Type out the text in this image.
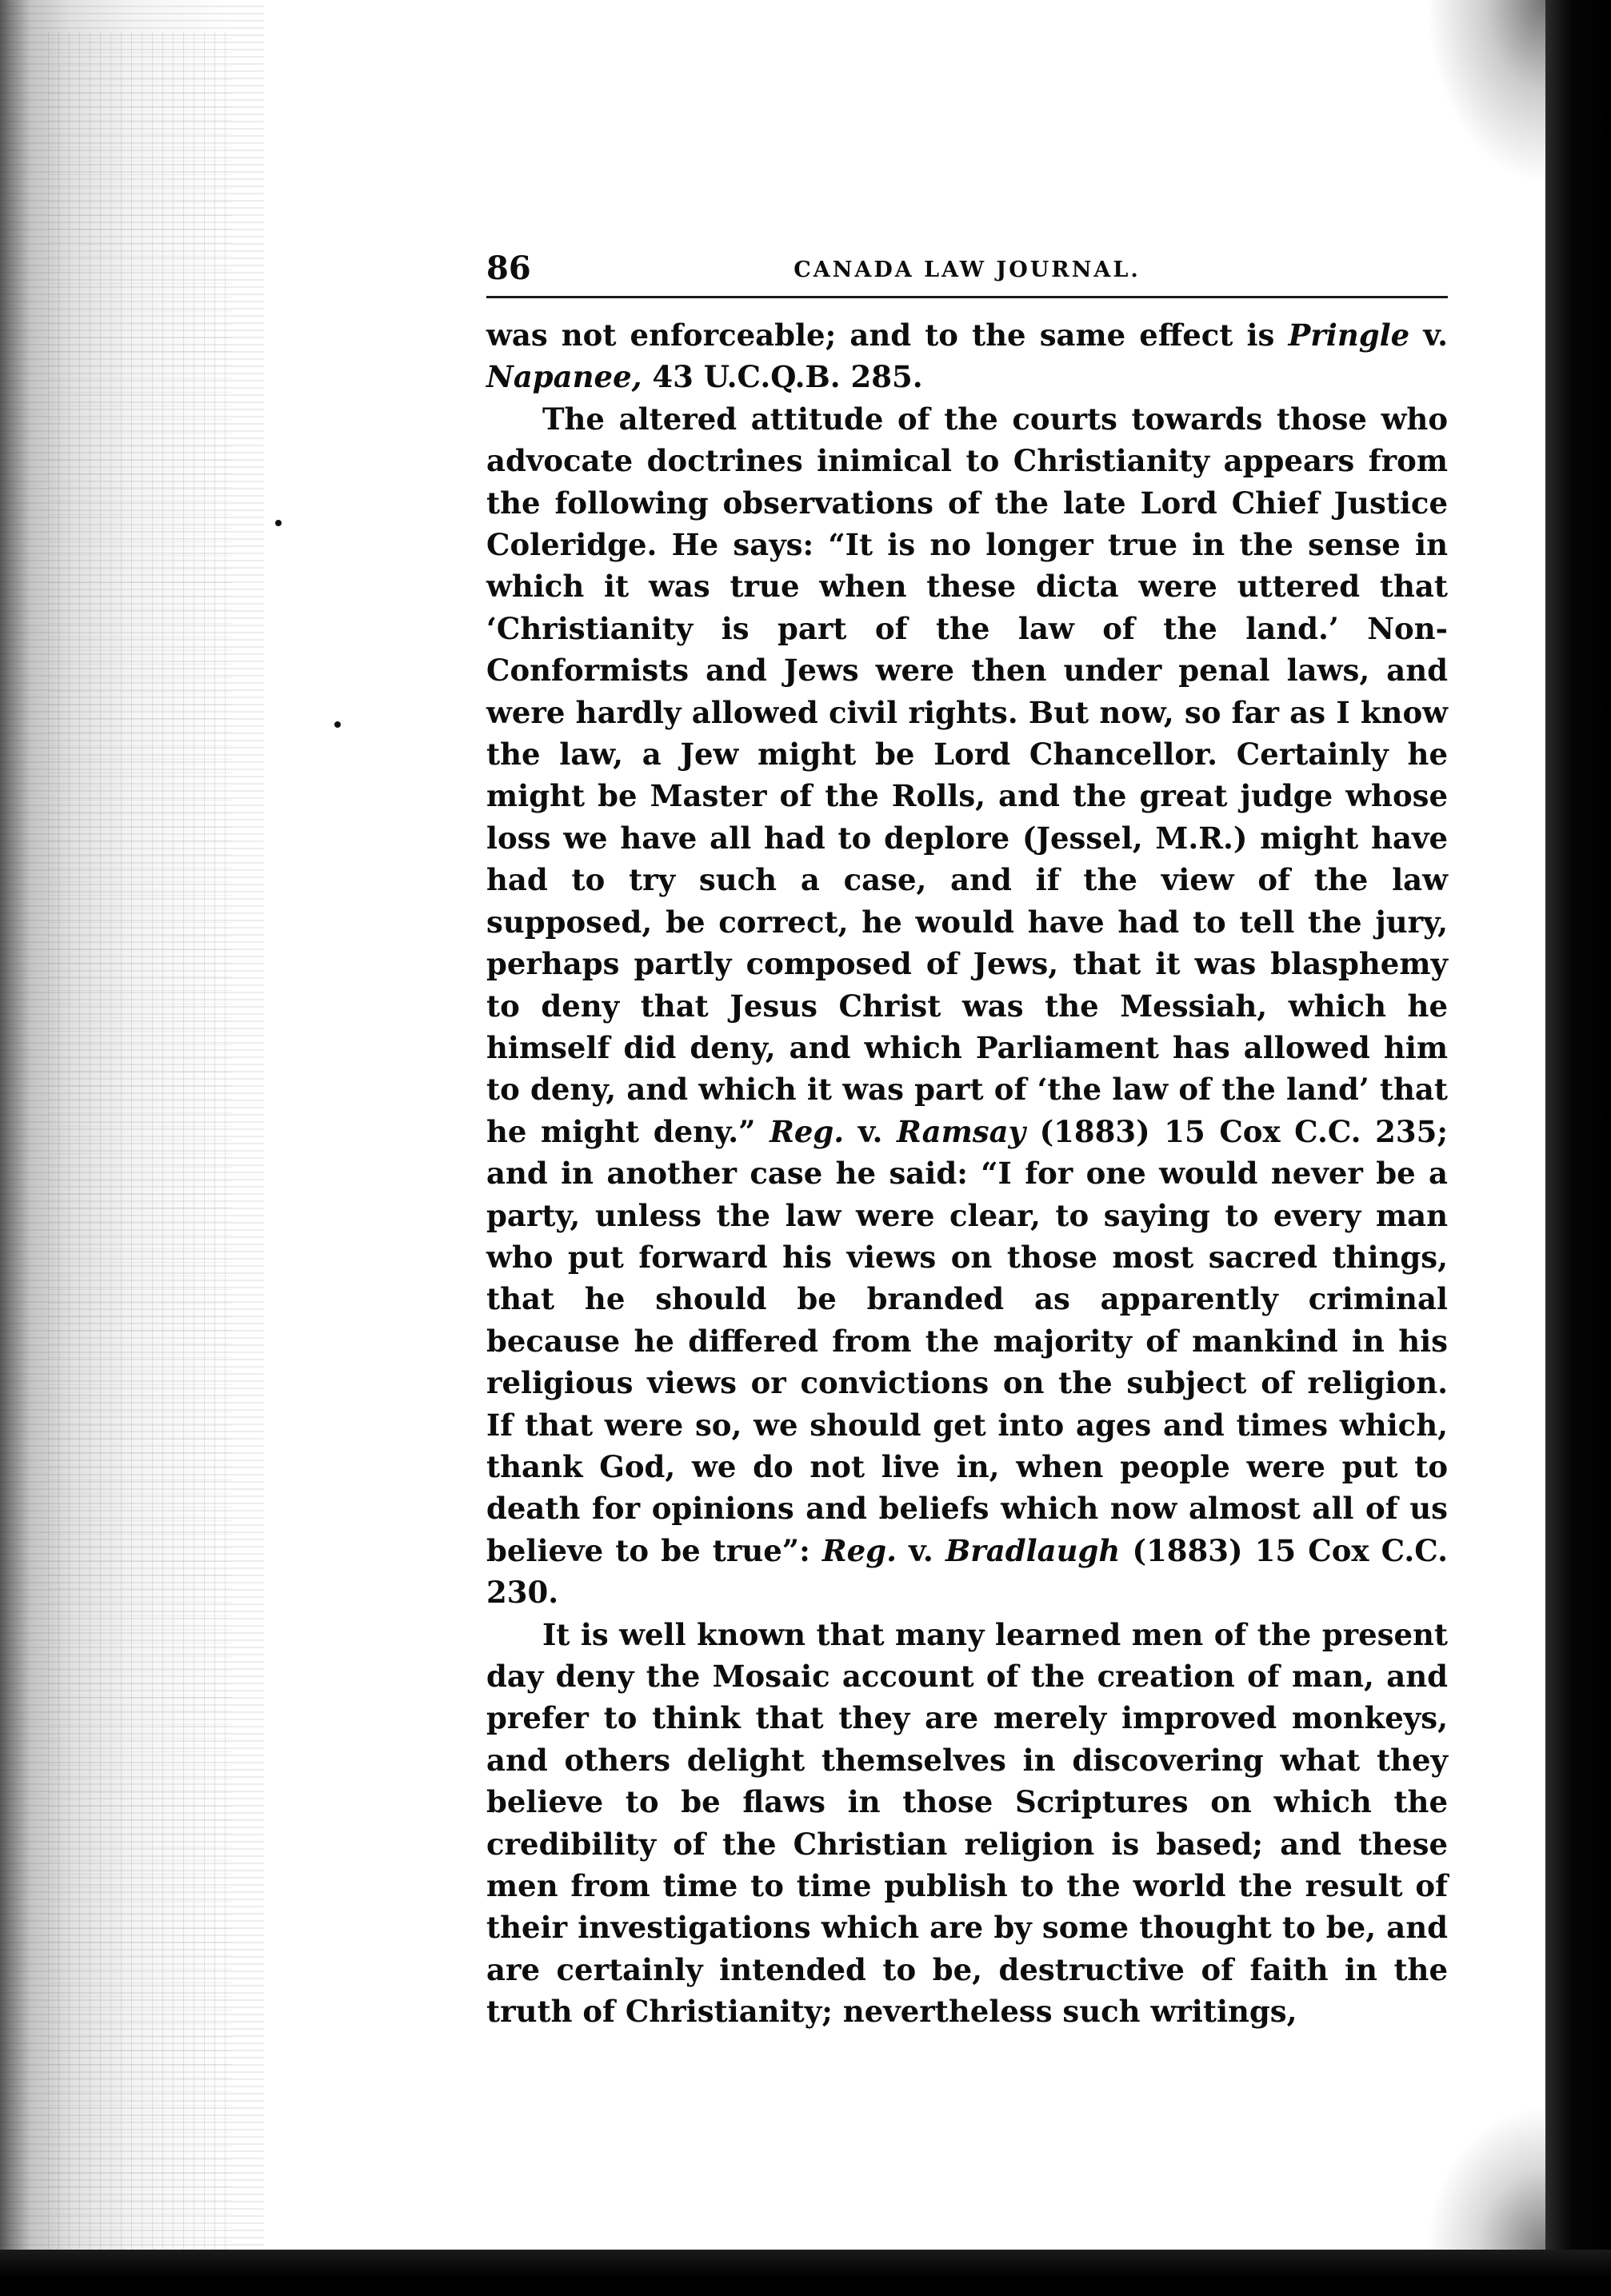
86	CANADA LAW JOURNAL.

was not enforceable; and to the same effect is Pringle v. Napanee, 43 U.C.Q.B. 285.

The altered attitude of the courts towards those who advocate doctrines inimical to Christianity appears from the following observations of the late Lord Chief Justice Coleridge. He says: “It is no longer true in the sense in which it was true when these dicta were uttered that ‘Christianity is part of the law of the land.’ Non-Conformists and Jews were then under penal laws, and were hardly allowed civil rights. But now, so far as I know the law, a Jew might be Lord Chancellor. Certainly he might be Master of the Rolls, and the great judge whose loss we have all had to deplore (Jessel, M.R.) might have had to try such a case, and if the view of the law supposed, be correct, he would have had to tell the jury, perhaps partly composed of Jews, that it was blasphemy to deny that Jesus Christ was the Messiah, which he himself did deny, and which Parliament has allowed him to deny, and which it was part of ‘the law of the land’ that he might deny.” Reg. v. Ramsay (1883) 15 Cox C.C. 235; and in another case he said: “I for one would never be a party, unless the law were clear, to saying to every man who put forward his views on those most sacred things, that he should be branded as apparently criminal because he differed from the majority of mankind in his religious views or convictions on the subject of religion. If that were so, we should get into ages and times which, thank God, we do not live in, when people were put to death for opinions and beliefs which now almost all of us believe to be true”: Reg. v. Bradlaugh (1883) 15 Cox C.C. 230.

It is well known that many learned men of the present day deny the Mosaic account of the creation of man, and prefer to think that they are merely improved monkeys, and others delight themselves in discovering what they believe to be flaws in those Scriptures on which the credibility of the Christian religion is based; and these men from time to time publish to the world the result of their investigations which are by some thought to be, and are certainly intended to be, destructive of faith in the truth of Christianity; nevertheless such writings,
